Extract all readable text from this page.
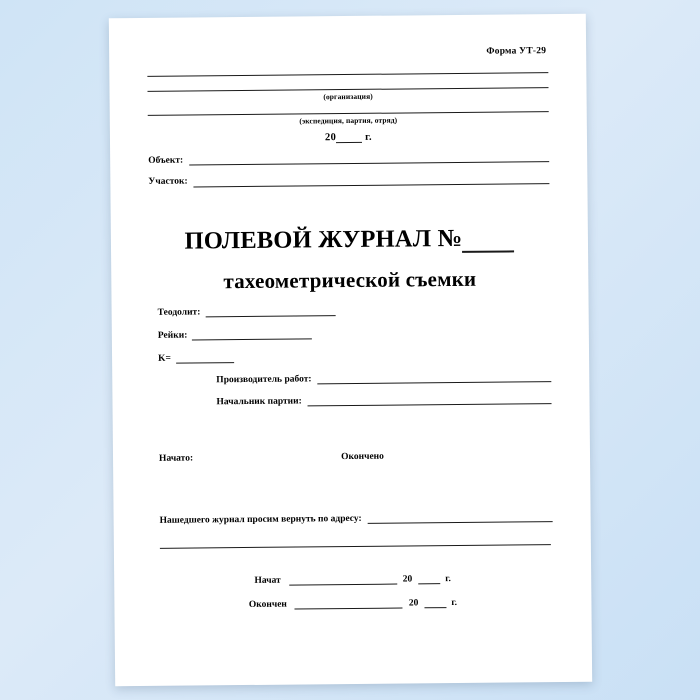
Форма УТ-29
(организация)
(экспедиция, партия, отряд)
20	г.
Объект:
Участок:
ПОЛЕВОЙ ЖУРНАЛ №
тахеометрической съемки
Теодолит:
Рейки:
K=
Производитель работ:
Начальник партии:
Начато:	Окончено
Нашедшего журнал просим вернуть по адресу:
Начат	20	г.
Окончен	20	г.
